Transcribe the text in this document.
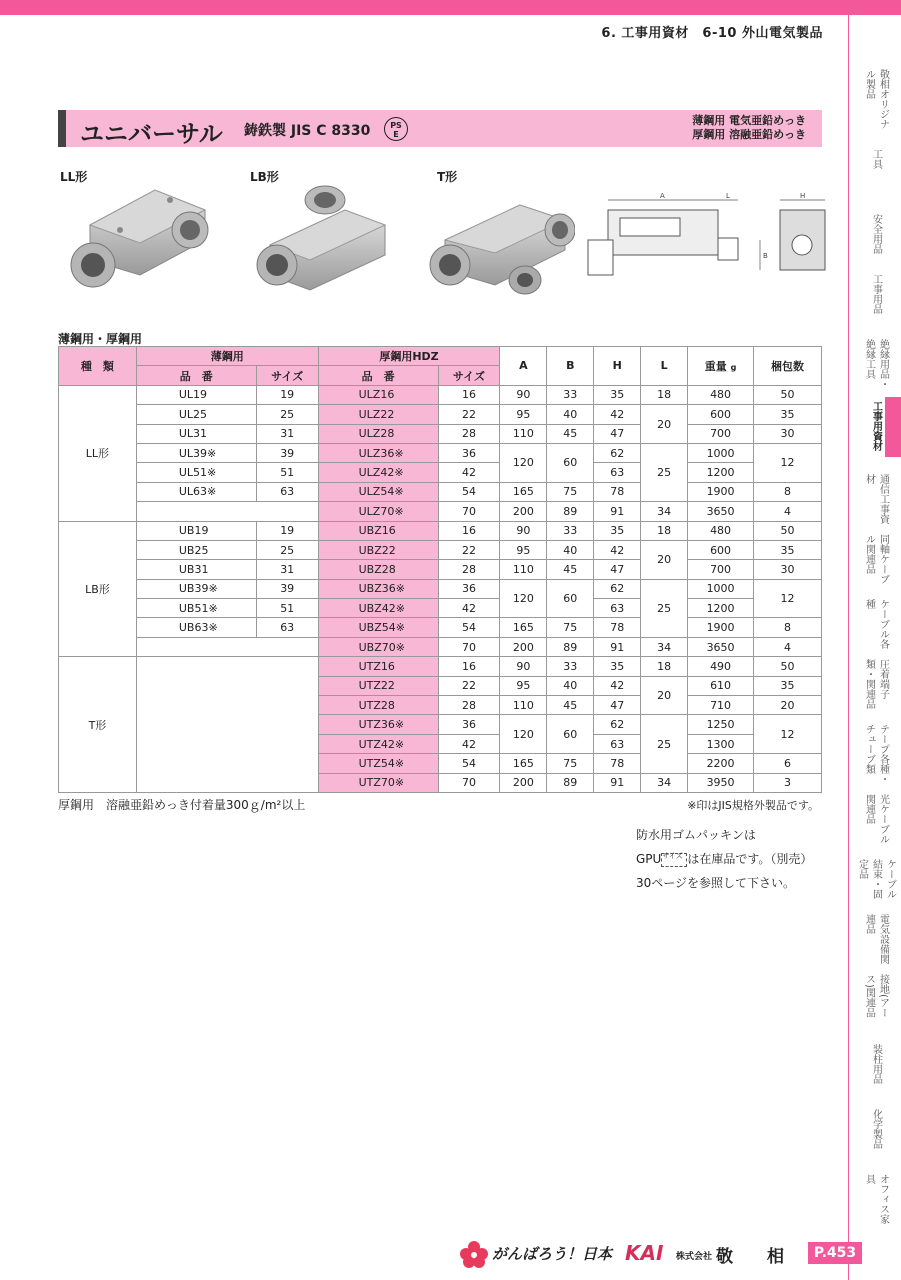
6. 工事用資材　6-10 外山電気製品
ユニバーサル 鋳鉄製 JIS C 8330	PS
E
薄鋼用 電気亜鉛めっき
厚鋼用 溶融亜鉛めっき
LL形	LB形	T形
A	L	H
B
薄鋼用・厚鋼用
種　類	薄鋼用		厚鋼用HDZ		A	B	H	L	重量 g	梱包数
	品　番	サイズ	品　番	サイズ						
LL形	UL19	19	ULZ16	16	90	33	35	18	480	50
	UL25	25	ULZ22	22	95	40	42	20	600	35
	UL31	31	ULZ28	28	110	45	47		700	30
	UL39※	39	ULZ36※	36	120	60	62	25	1000	12
	UL51※	51	ULZ42※	42			63		1200	
	UL63※	63	ULZ54※	54	165	75	78		1900	8
			ULZ70※	70	200	89	91	34	3650	4
LB形	UB19	19	UBZ16	16	90	33	35	18	480	50
	UB25	25	UBZ22	22	95	40	42	20	600	35
	UB31	31	UBZ28	28	110	45	47		700	30
	UB39※	39	UBZ36※	36	120	60	62	25	1000	12
	UB51※	51	UBZ42※	42			63		1200	
	UB63※	63	UBZ54※	54	165	75	78		1900	8
			UBZ70※	70	200	89	91	34	3650	4
T形			UTZ16	16	90	33	35	18	490	50
			UTZ22	22	95	40	42	20	610	35
			UTZ28	28	110	45	47		710	20
			UTZ36※	36	120	60	62	25	1250	12
			UTZ42※	42			63		1300	
			UTZ54※	54	165	75	78		2200	6
			UTZ70※	70	200	89	91	34	3950	3
厚鋼用　溶融亜鉛めっき付着量300ｇ/m²以上	※印はJIS規格外製品です。
防水用ゴムパッキンは
GPU サイズ は在庫品です。（別売）
30ページを参照して下さい。
敬相オリジナル製品
工具
安全用品
工事用品
絶縁用品・絶縁工具
工事用資材
通信工事資材
同軸ケーブル関連品
ケーブル各種
圧着端子類・関連品
テープ各種・チューブ類
光ケーブル関連品
ケーブル結束・固定品
電気設備関連品
接地(アース)関連品
装柱用品
化学製品
オフィス家具
がんばろう！日本 KAI 株式会社 敬　　相	P.453
